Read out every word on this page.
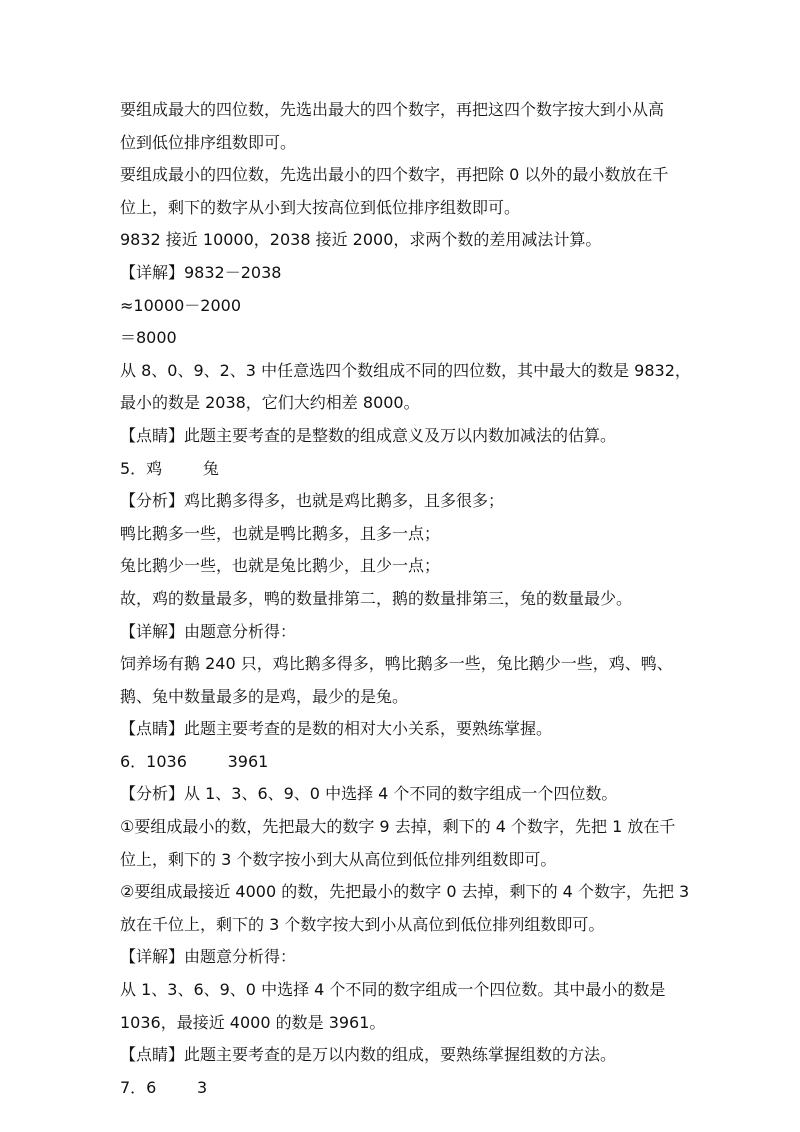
要组成最大的四位数，先选出最大的四个数字，再把这四个数字按大到小从高
位到低位排序组数即可。
要组成最小的四位数，先选出最小的四个数字，再把除 0 以外的最小数放在千
位上，剩下的数字从小到大按高位到低位排序组数即可。
9832 接近 10000，2038 接近 2000，求两个数的差用减法计算。
【详解】9832－2038
≈10000－2000
＝8000
从 8、0、9、2、3 中任意选四个数组成不同的四位数，其中最大的数是 9832，
最小的数是 2038，它们大约相差 8000。
【点睛】此题主要考查的是整数的组成意义及万以内数加减法的估算。
5．鸡        兔
【分析】鸡比鹅多得多，也就是鸡比鹅多，且多很多；
鸭比鹅多一些，也就是鸭比鹅多，且多一点；
兔比鹅少一些，也就是兔比鹅少，且少一点；
故，鸡的数量最多，鸭的数量排第二，鹅的数量排第三，兔的数量最少。
【详解】由题意分析得：
饲养场有鹅 240 只，鸡比鹅多得多，鸭比鹅多一些，兔比鹅少一些，鸡、鸭、
鹅、兔中数量最多的是鸡，最少的是兔。
【点睛】此题主要考查的是数的相对大小关系，要熟练掌握。
6．1036        3961
【分析】从 1、3、6、9、0 中选择 4 个不同的数字组成一个四位数。
①要组成最小的数，先把最大的数字 9 去掉，剩下的 4 个数字，先把 1 放在千
位上，剩下的 3 个数字按小到大从高位到低位排列组数即可。
②要组成最接近 4000 的数，先把最小的数字 0 去掉，剩下的 4 个数字，先把 3
放在千位上，剩下的 3 个数字按大到小从高位到低位排列组数即可。
【详解】由题意分析得：
从 1、3、6、9、0 中选择 4 个不同的数字组成一个四位数。其中最小的数是
1036，最接近 4000 的数是 3961。
【点睛】此题主要考查的是万以内数的组成，要熟练掌握组数的方法。
7．6        3
